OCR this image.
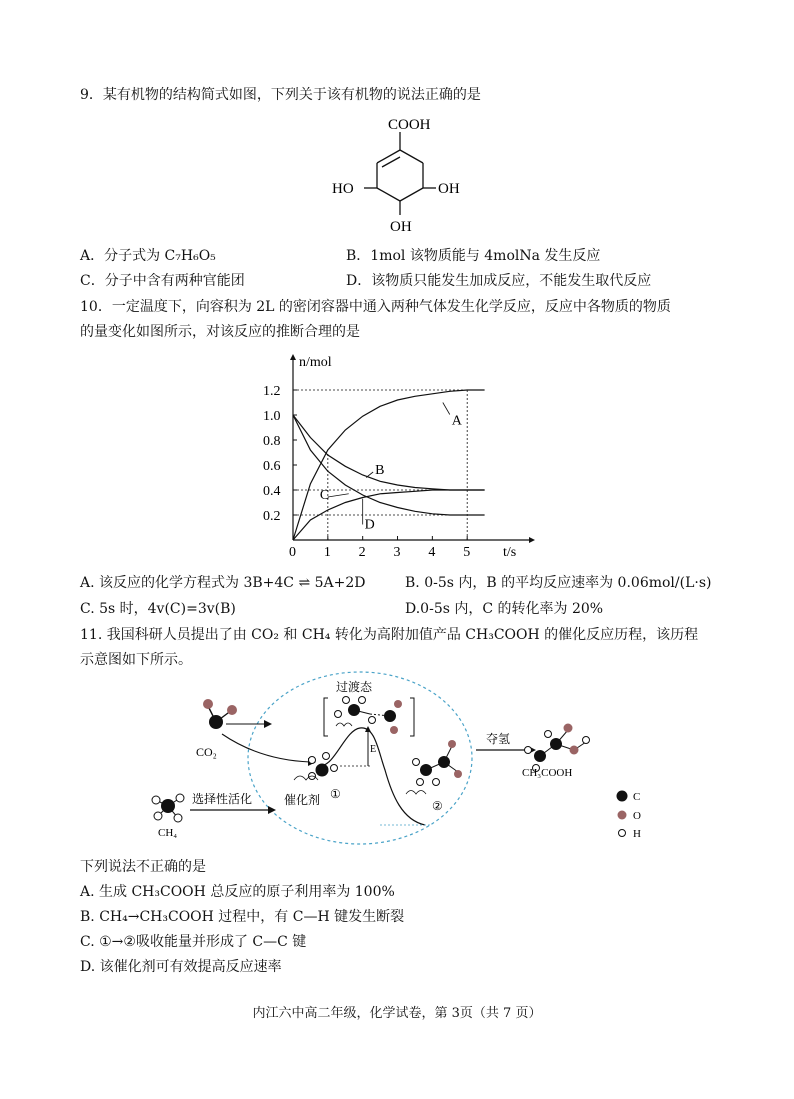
9．某有机物的结构简式如图，下列关于该有机物的说法正确的是
COOH
HO	OH
OH
A．分子式为 C₇H₆O₅	B．1mol 该物质能与 4molNa 发生反应
C．分子中含有两种官能团	D．该物质只能发生加成反应，不能发生取代反应
10．一定温度下，向容积为 2L 的密闭容器中通入两种气体发生化学反应，反应中各物质的物质
的量变化如图所示，对该反应的推断合理的是
n/mol
t/s
0 1 2 3 4 5
0.2
0.4
0.6
0.8
1.0
1.2
A
B
C
D
A. 该反应的化学方程式为 3B+4C ⇌ 5A+2D	B. 0-5s 内，B 的平均反应速率为 0.06mol/(L·s)
C. 5s 时，4v(C)=3v(B)	D.0-5s 内，C 的转化率为 20%
11. 我国科研人员提出了由 CO₂ 和 CH₄ 转化为高附加值产品 CH₃COOH 的催化反应历程，该历程
示意图如下所示。
CO₂
CH₄
选择性活化
E
过渡态
催化剂 ①
②
夺氢
CH₃COOH
C
O
H
下列说法不正确的是
A. 生成 CH₃COOH 总反应的原子利用率为 100%
B. CH₄→CH₃COOH 过程中，有 C—H 键发生断裂
C. ①→②吸收能量并形成了 C—C 键
D. 该催化剂可有效提高反应速率
内江六中高二年级，化学试卷，第 3页（共 7 页）
